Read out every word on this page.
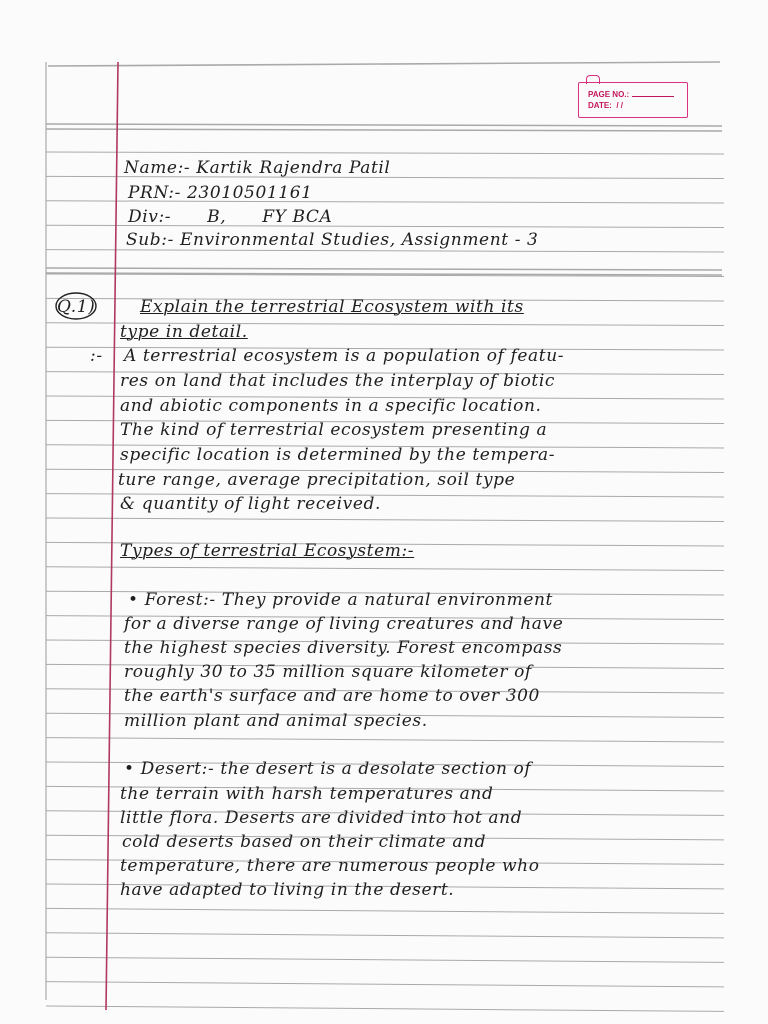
PAGE NO.:
DATE:
/ /
Name:- Kartik Rajendra Patil
PRN:- 23010501161
Div:-      B,      FY BCA
Sub:- Environmental Studies, Assignment - 3
Q.1)	Explain the terrestrial Ecosystem with its
type in detail.
:- A terrestrial ecosystem is a population of featu-
res on land that includes the interplay of biotic
and abiotic components in a specific location.
The kind of terrestrial ecosystem presenting a
specific location is determined by the tempera-
ture range, average precipitation, soil type
& quantity of light received.
Types of terrestrial Ecosystem:-
• Forest:- They provide a natural environment
for a diverse range of living creatures and have
the highest species diversity. Forest encompass
roughly 30 to 35 million square kilometer of
the earth's surface and are home to over 300
million plant and animal species.
• Desert:- the desert is a desolate section of
the terrain with harsh temperatures and
little flora. Deserts are divided into hot and
cold deserts based on their climate and
temperature, there are numerous people who
have adapted to living in the desert.
